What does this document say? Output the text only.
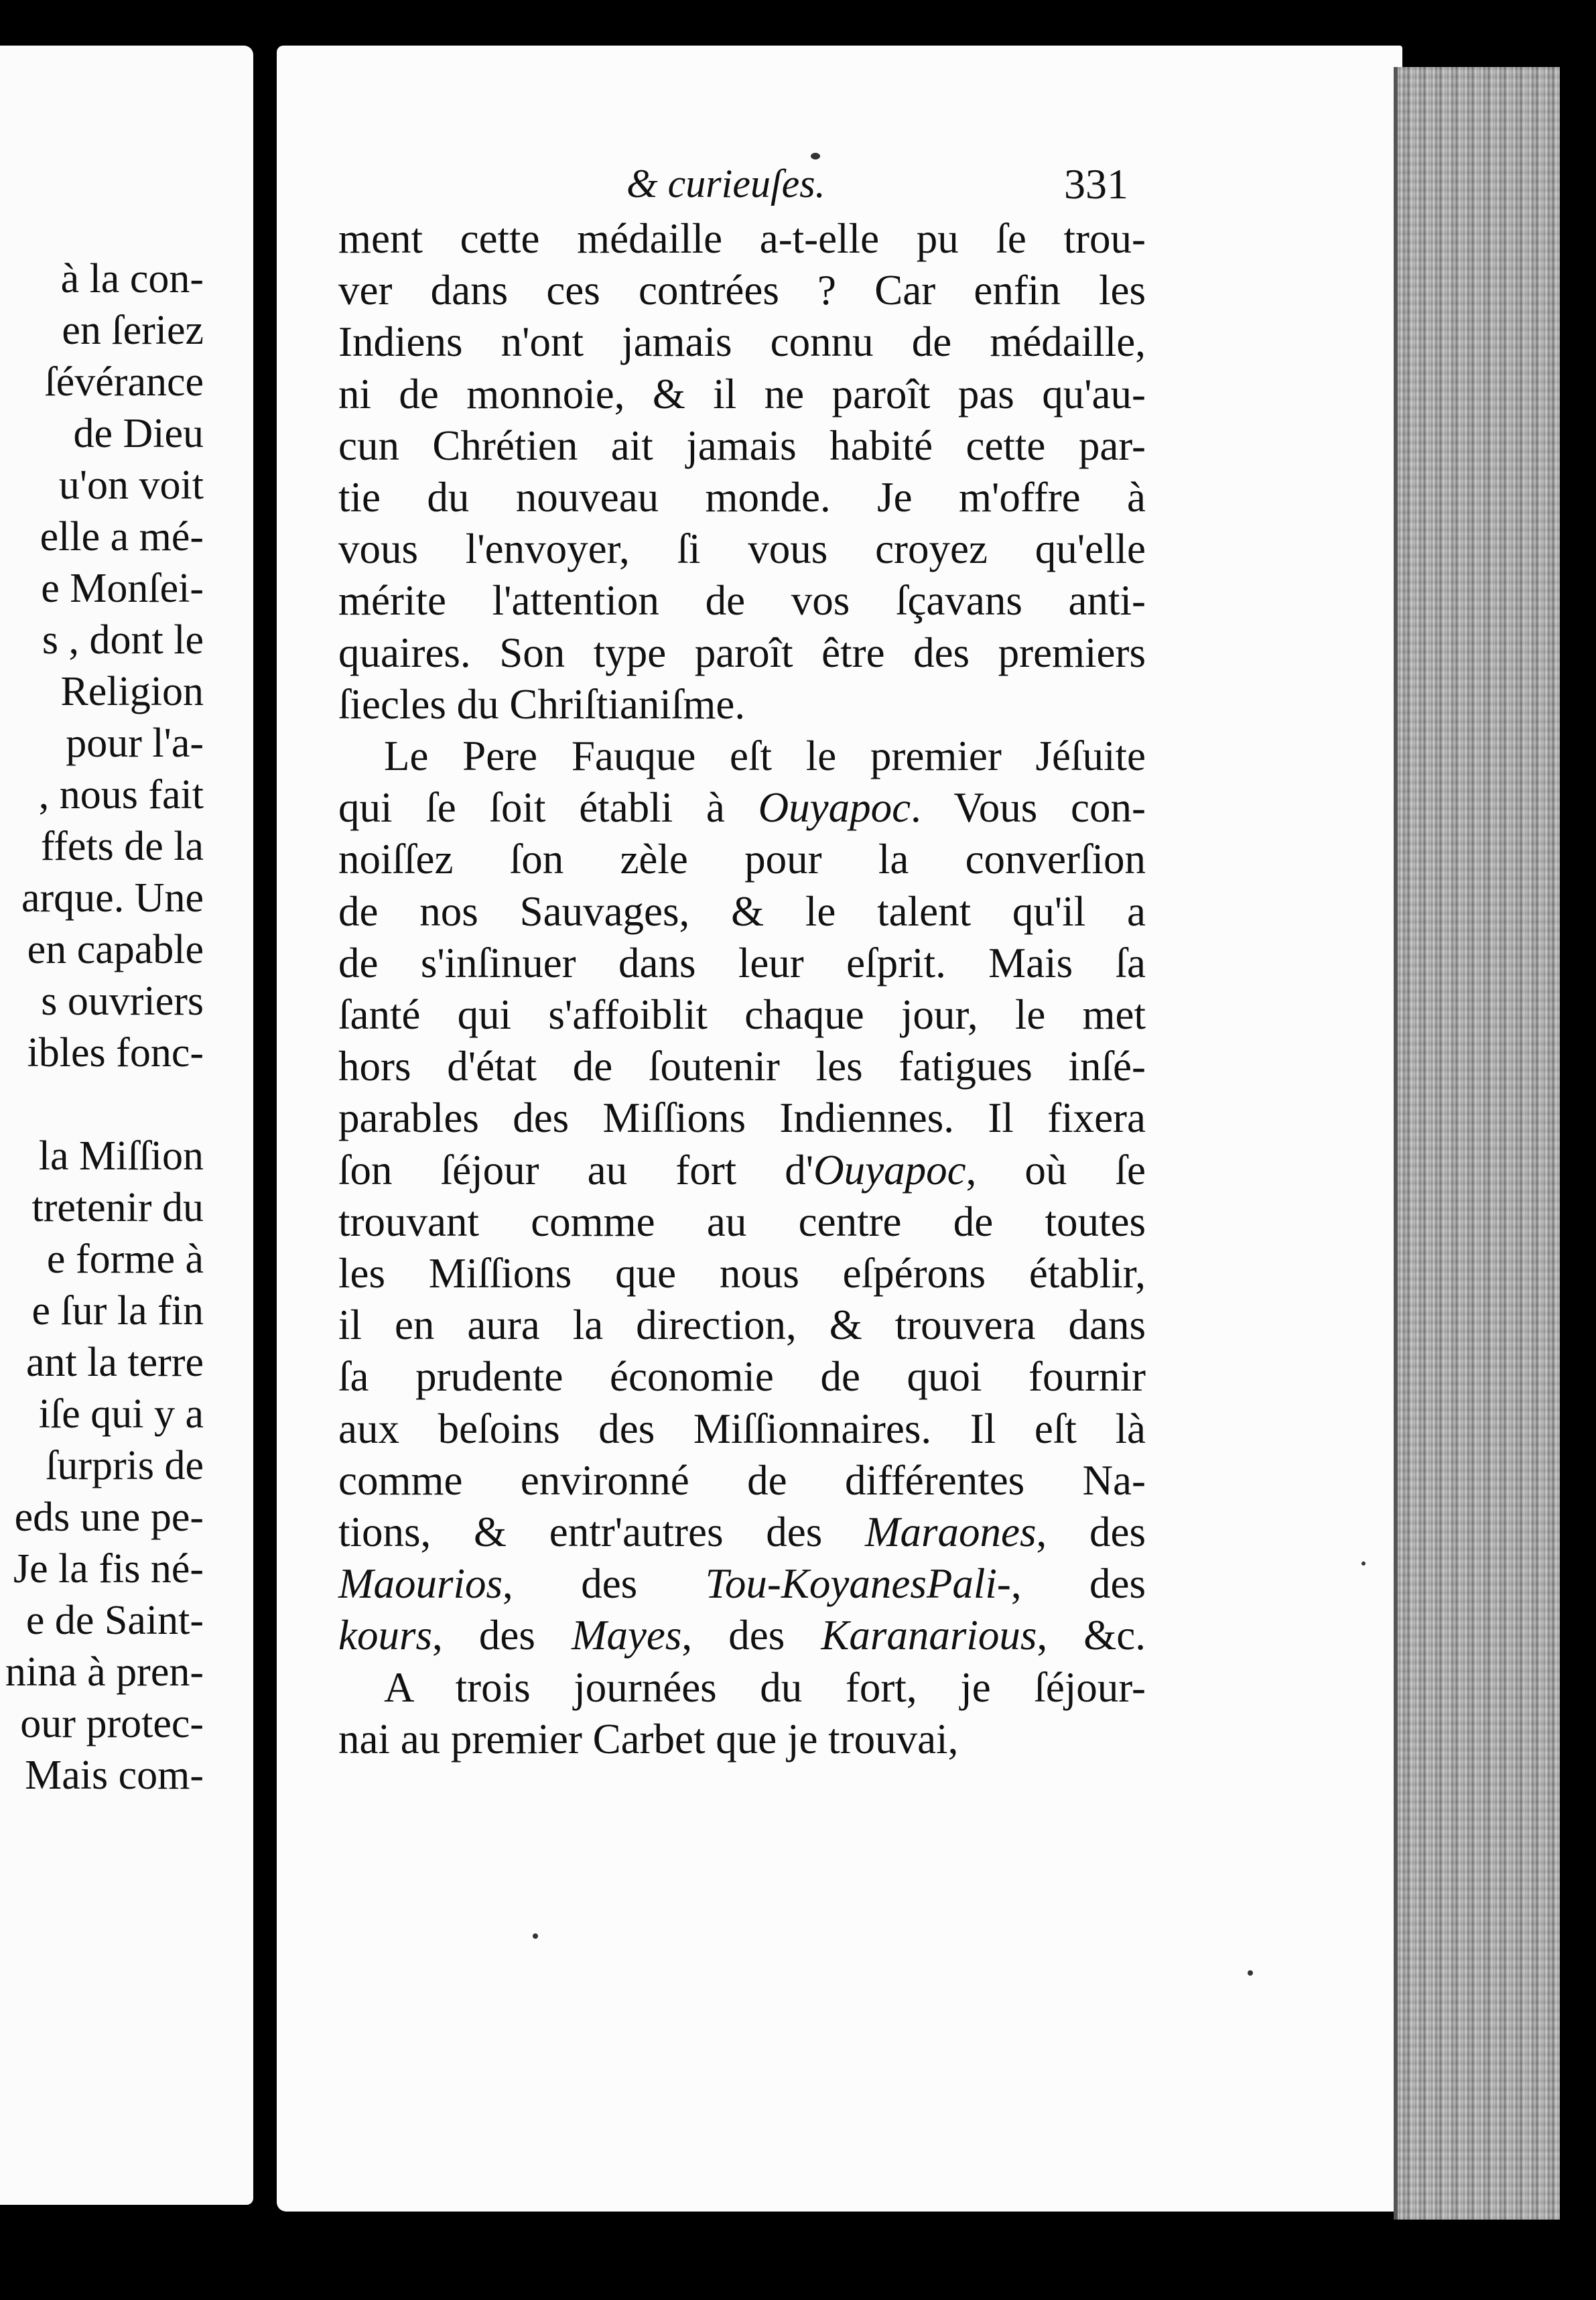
à la con-
en ſeriez
ſévérance
de Dieu
u'on voit
elle a mé-
e Monſei-
s , dont le
Religion
pour l'a-
, nous fait
ffets de la
arque. Une
en capable
s ouvriers
ibles fonc-
la Miſſion
tretenir du
e forme à
e ſur la fin
ant la terre
iſe qui y a
ſurpris de
eds une pe-
Je la fis né-
e de Saint-
nina à pren-
our protec-
Mais com-
& curieuſes.	331
ment cette médaille a-t-elle pu ſe trou-
ver dans ces contrées ? Car enfin les
Indiens n'ont jamais connu de médaille,
ni de monnoie, & il ne paroît pas qu'au-
cun Chrétien ait jamais habité cette par-
tie du nouveau monde. Je m'offre à
vous l'envoyer, ſi vous croyez qu'elle
mérite l'attention de vos ſçavans anti-
quaires. Son type paroît être des premiers
ſiecles du Chriſtianiſme.
Le Pere Fauque eſt le premier Jéſuite
qui ſe ſoit établi à Ouyapoc. Vous con-
noiſſez ſon zèle pour la converſion
de nos Sauvages, & le talent qu'il a
de s'inſinuer dans leur eſprit. Mais ſa
ſanté qui s'affoiblit chaque jour, le met
hors d'état de ſoutenir les fatigues inſé-
parables des Miſſions Indiennes. Il fixera
ſon ſéjour au fort d'Ouyapoc, où ſe
trouvant comme au centre de toutes
les Miſſions que nous eſpérons établir,
il en aura la direction, & trouvera dans
ſa prudente économie de quoi fournir
aux beſoins des Miſſionnaires. Il eſt là
comme environné de différentes Na-
tions, & entr'autres des Maraones, des
Maourios, des Tou-KoyanesPali-, des
kours, des Mayes, des Karanarious, &c.
A trois journées du fort, je ſéjour-
nai au premier Carbet que je trouvai,
